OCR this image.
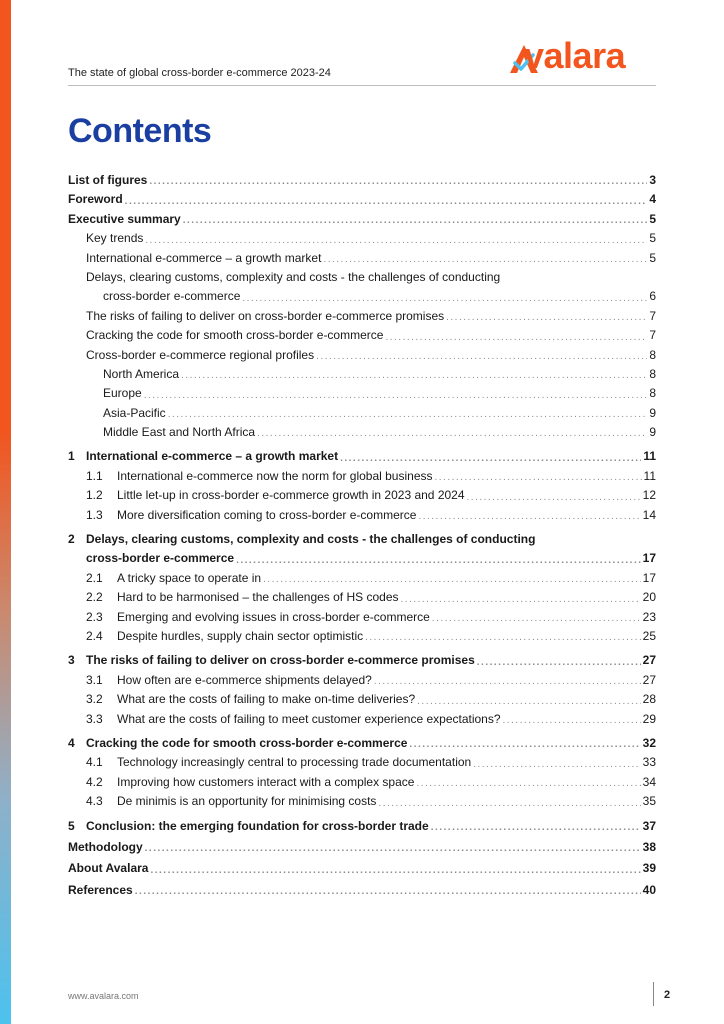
The state of global cross-border e-commerce 2023-24	valara
Contents
List of figures .....	3
Foreword .....	4
Executive summary .....	5
Key trends .....	5
International e-commerce – a growth market .....	5
Delays, clearing customs, complexity and costs - the challenges of conducting
cross-border e-commerce .....	6
The risks of failing to deliver on cross-border e-commerce promises .....	7
Cracking the code for smooth cross-border e-commerce .....	7
Cross-border e-commerce regional profiles .....	8
North America .....	8
Europe .....	8
Asia-Pacific .....	9
Middle East and North Africa .....	9
1 International e-commerce – a growth market .....	11
1.1	International e-commerce now the norm for global business .....	11
1.2	Little let-up in cross-border e-commerce growth in 2023 and 2024 .....	12
1.3	More diversification coming to cross-border e-commerce .....	14
2 Delays, clearing customs, complexity and costs - the challenges of conducting
cross-border e-commerce .....	17
2.1	A tricky space to operate in .....	17
2.2	Hard to be harmonised – the challenges of HS codes .....	20
2.3	Emerging and evolving issues in cross-border e-commerce .....	23
2.4	Despite hurdles, supply chain sector optimistic .....	25
3 The risks of failing to deliver on cross-border e-commerce promises .....	27
3.1	How often are e-commerce shipments delayed? .....	27
3.2	What are the costs of failing to make on-time deliveries? .....	28
3.3	What are the costs of failing to meet customer experience expectations? .....	29
4 Cracking the code for smooth cross-border e-commerce .....	32
4.1	Technology increasingly central to processing trade documentation .....	33
4.2	Improving how customers interact with a complex space .....	34
4.3	De minimis is an opportunity for minimising costs .....	35
5 Conclusion: the emerging foundation for cross-border trade .....	37
Methodology .....	38
About Avalara .....	39
References .....	40
www.avalara.com	2
